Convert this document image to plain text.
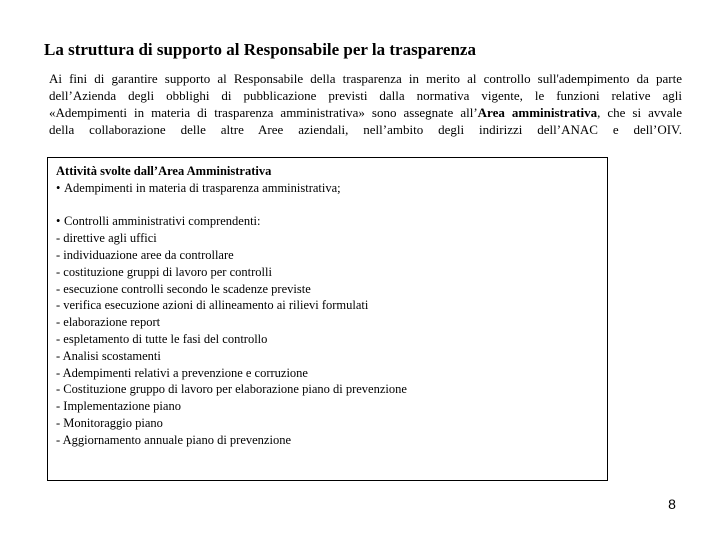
La struttura di supporto al Responsabile per la trasparenza
Ai fini di garantire supporto al Responsabile della trasparenza in merito al controllo sull'adempimento da parte
dell’Azienda degli obblighi di pubblicazione previsti dalla normativa vigente, le funzioni relative agli
«Adempimenti in materia di trasparenza amministrativa» sono assegnate all’Area amministrativa, che si avvale
della collaborazione delle altre Aree aziendali, nell’ambito degli indirizzi dell’ANAC e dell’OIV.
Attività svolte dall’Area Amministrativa
• Adempimenti in materia di trasparenza amministrativa;
• Controlli amministrativi comprendenti:
- direttive agli uffici
- individuazione aree da controllare
- costituzione gruppi di lavoro per controlli
- esecuzione controlli secondo le scadenze previste
- verifica esecuzione azioni di allineamento ai rilievi formulati
- elaborazione report
- espletamento di tutte le fasi del controllo
- Analisi scostamenti
- Adempimenti relativi a prevenzione e corruzione
- Costituzione gruppo di lavoro per elaborazione piano di prevenzione
- Implementazione piano
- Monitoraggio piano
- Aggiornamento annuale piano di prevenzione
8
